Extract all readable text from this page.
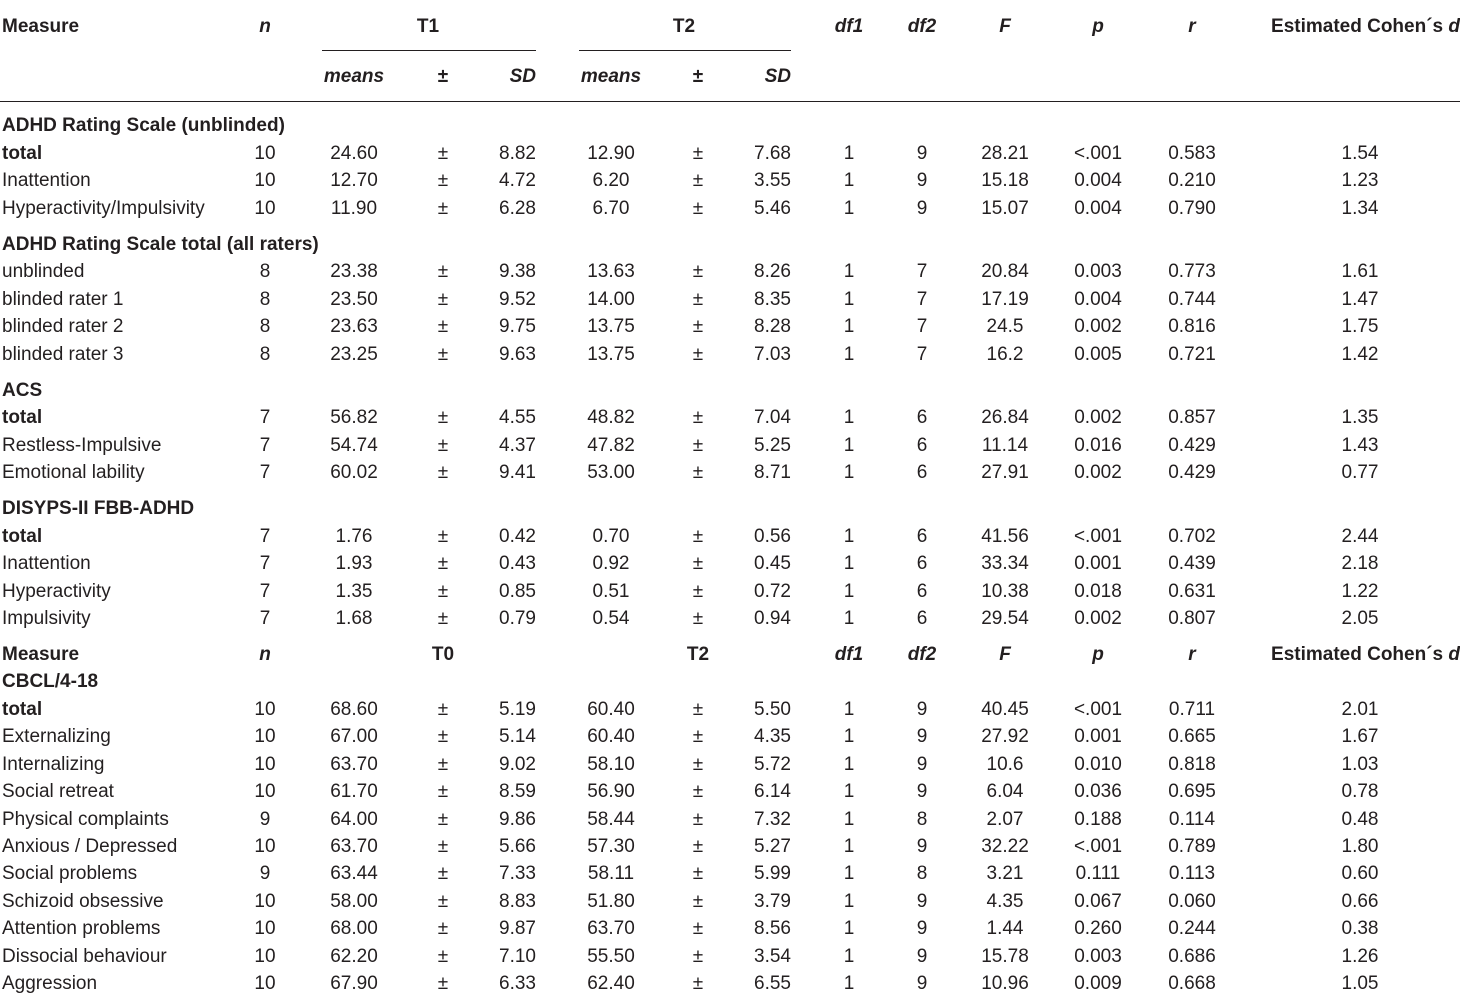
Measure	n	T1	T2	df1	df2	F	p	r	Estimated Cohen´s d
means	±	SD	means	±	SD
ADHD Rating Scale (unblinded)
total	10	24.60	±	8.82	12.90	±	7.68	1	9	28.21	<.001	0.583	1.54
Inattention	10	12.70	±	4.72	6.20	±	3.55	1	9	15.18	0.004	0.210	1.23
Hyperactivity/Impulsivity	10	11.90	±	6.28	6.70	±	5.46	1	9	15.07	0.004	0.790	1.34
ADHD Rating Scale total (all raters)
unblinded	8	23.38	±	9.38	13.63	±	8.26	1	7	20.84	0.003	0.773	1.61
blinded rater 1	8	23.50	±	9.52	14.00	±	8.35	1	7	17.19	0.004	0.744	1.47
blinded rater 2	8	23.63	±	9.75	13.75	±	8.28	1	7	24.5	0.002	0.816	1.75
blinded rater 3	8	23.25	±	9.63	13.75	±	7.03	1	7	16.2	0.005	0.721	1.42
ACS
total	7	56.82	±	4.55	48.82	±	7.04	1	6	26.84	0.002	0.857	1.35
Restless-Impulsive	7	54.74	±	4.37	47.82	±	5.25	1	6	11.14	0.016	0.429	1.43
Emotional lability	7	60.02	±	9.41	53.00	±	8.71	1	6	27.91	0.002	0.429	0.77
DISYPS-II FBB-ADHD
total	7	1.76	±	0.42	0.70	±	0.56	1	6	41.56	<.001	0.702	2.44
Inattention	7	1.93	±	0.43	0.92	±	0.45	1	6	33.34	0.001	0.439	2.18
Hyperactivity	7	1.35	±	0.85	0.51	±	0.72	1	6	10.38	0.018	0.631	1.22
Impulsivity	7	1.68	±	0.79	0.54	±	0.94	1	6	29.54	0.002	0.807	2.05
Measure	n	T0	T2	df1	df2	F	p	r	Estimated Cohen´s d
CBCL/4-18
total	10	68.60	±	5.19	60.40	±	5.50	1	9	40.45	<.001	0.711	2.01
Externalizing	10	67.00	±	5.14	60.40	±	4.35	1	9	27.92	0.001	0.665	1.67
Internalizing	10	63.70	±	9.02	58.10	±	5.72	1	9	10.6	0.010	0.818	1.03
Social retreat	10	61.70	±	8.59	56.90	±	6.14	1	9	6.04	0.036	0.695	0.78
Physical complaints	9	64.00	±	9.86	58.44	±	7.32	1	8	2.07	0.188	0.114	0.48
Anxious / Depressed	10	63.70	±	5.66	57.30	±	5.27	1	9	32.22	<.001	0.789	1.80
Social problems	9	63.44	±	7.33	58.11	±	5.99	1	8	3.21	0.111	0.113	0.60
Schizoid obsessive	10	58.00	±	8.83	51.80	±	3.79	1	9	4.35	0.067	0.060	0.66
Attention problems	10	68.00	±	9.87	63.70	±	8.56	1	9	1.44	0.260	0.244	0.38
Dissocial behaviour	10	62.20	±	7.10	55.50	±	3.54	1	9	15.78	0.003	0.686	1.26
Aggression	10	67.90	±	6.33	62.40	±	6.55	1	9	10.96	0.009	0.668	1.05
